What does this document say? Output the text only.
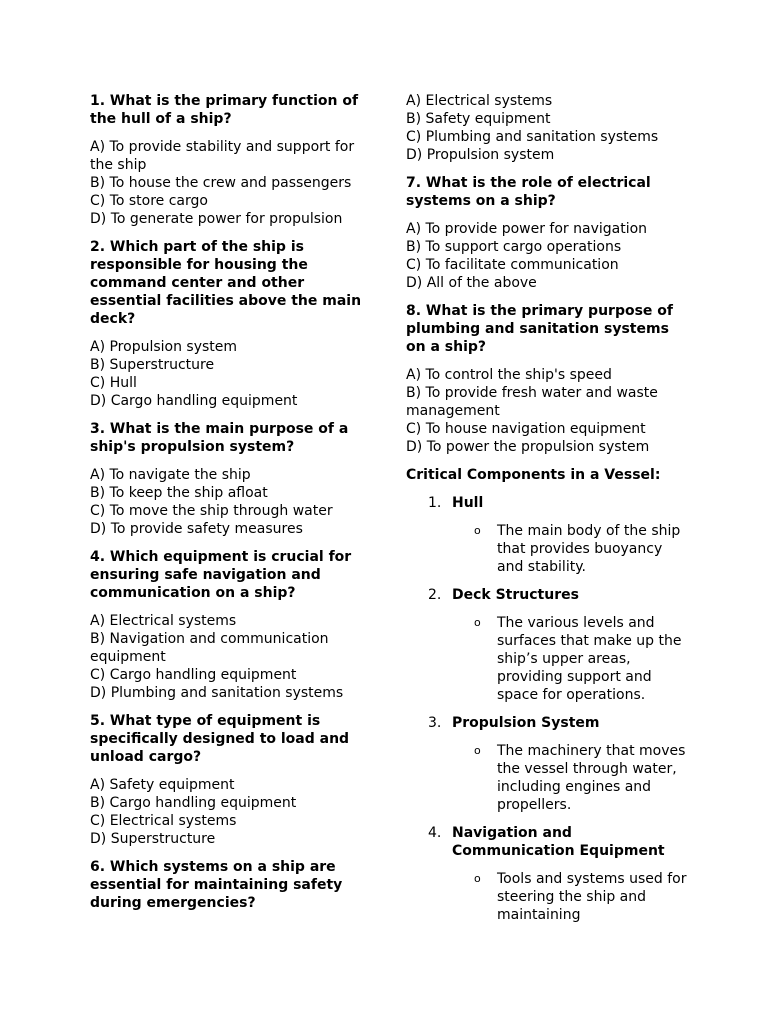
1. What is the primary function of the hull of a ship?
A) To provide stability and support for the ship
B) To house the crew and passengers
C) To store cargo
D) To generate power for propulsion
2. Which part of the ship is responsible for housing the command center and other essential facilities above the main deck?
A) Propulsion system
B) Superstructure
C) Hull
D) Cargo handling equipment
3. What is the main purpose of a ship's propulsion system?
A) To navigate the ship
B) To keep the ship afloat
C) To move the ship through water
D) To provide safety measures
4. Which equipment is crucial for ensuring safe navigation and communication on a ship?
A) Electrical systems
B) Navigation and communication equipment
C) Cargo handling equipment
D) Plumbing and sanitation systems
5. What type of equipment is specifically designed to load and unload cargo?
A) Safety equipment
B) Cargo handling equipment
C) Electrical systems
D) Superstructure
6. Which systems on a ship are essential for maintaining safety during emergencies?
A) Electrical systems
B) Safety equipment
C) Plumbing and sanitation systems
D) Propulsion system
7. What is the role of electrical systems on a ship?
A) To provide power for navigation
B) To support cargo operations
C) To facilitate communication
D) All of the above
8. What is the primary purpose of plumbing and sanitation systems on a ship?
A) To control the ship's speed
B) To provide fresh water and waste management
C) To house navigation equipment
D) To power the propulsion system
Critical Components in a Vessel:
1. Hull
o The main body of the ship that provides buoyancy and stability.
2. Deck Structures
o The various levels and surfaces that make up the ship’s upper areas, providing support and space for operations.
3. Propulsion System
o The machinery that moves the vessel through water, including engines and propellers.
4. Navigation and Communication Equipment
o Tools and systems used for steering the ship and maintaining
